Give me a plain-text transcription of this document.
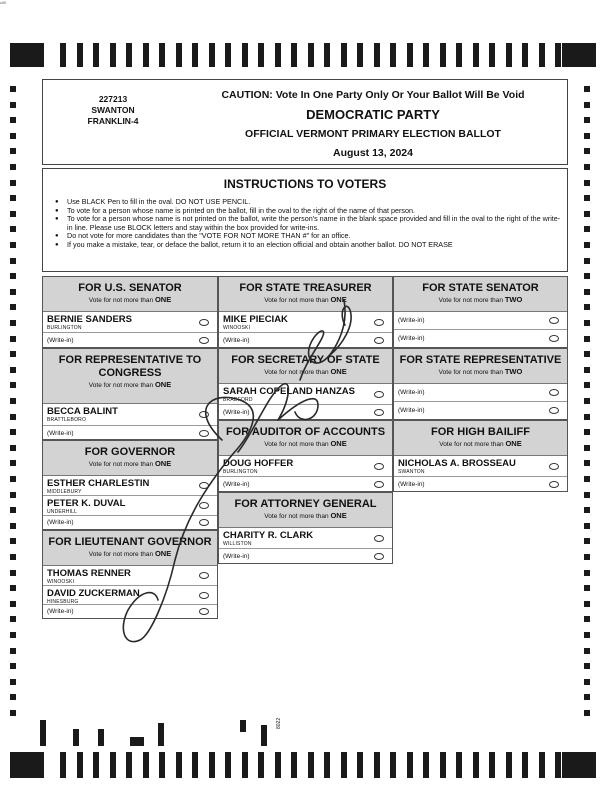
c0ll
227213
SWANTON
FRANKLIN-4
CAUTION: Vote In One Party Only Or Your Ballot Will Be Void
DEMOCRATIC PARTY
OFFICIAL VERMONT PRIMARY ELECTION BALLOT
August 13, 2024
INSTRUCTIONS TO VOTERS
● Use BLACK Pen to fill in the oval. DO NOT USE PENCIL.
● To vote for a person whose name is printed on the ballot, fill in the oval to the right of the name of that person.
● To vote for a person whose name is not printed on the ballot, write the person's name in the blank space provided and fill in the oval to the right of the write-in line. Please use BLOCK letters and stay within the box provided for write-ins.
● Do not vote for more candidates than the "VOTE FOR NOT MORE THAN #" for an office.
● If you make a mistake, tear, or deface the ballot, return it to an election official and obtain another ballot. DO NOT ERASE
FOR U.S. SENATOR
Vote for not more than ONE
BERNIE SANDERS
BURLINGTON
(Write-in)
FOR REPRESENTATIVE TO
CONGRESS
Vote for not more than ONE
BECCA BALINT
BRATTLEBORO
(Write-in)
FOR GOVERNOR
Vote for not more than ONE
ESTHER CHARLESTIN
MIDDLEBURY
PETER K. DUVAL
UNDERHILL
(Write-in)
FOR LIEUTENANT GOVERNOR
Vote for not more than ONE
THOMAS RENNER
WINOOSKI
DAVID ZUCKERMAN
HINESBURG
(Write-in)
FOR STATE TREASURER
Vote for not more than ONE
MIKE PIECIAK
WINOOSKI
(Write-in)
FOR SECRETARY OF STATE
Vote for not more than ONE
SARAH COPELAND HANZAS
BRADFORD
(Write-in)
FOR AUDITOR OF ACCOUNTS
Vote for not more than ONE
DOUG HOFFER
BURLINGTON
(Write-in)
FOR ATTORNEY GENERAL
Vote for not more than ONE
CHARITY R. CLARK
WILLISTON
(Write-in)
FOR STATE SENATOR
Vote for not more than TWO
(Write-in)
(Write-in)
FOR STATE REPRESENTATIVE
Vote for not more than TWO
(Write-in)
(Write-in)
FOR HIGH BAILIFF
Vote for not more than ONE
NICHOLAS A. BROSSEAU
SWANTON
(Write-in)
8022
